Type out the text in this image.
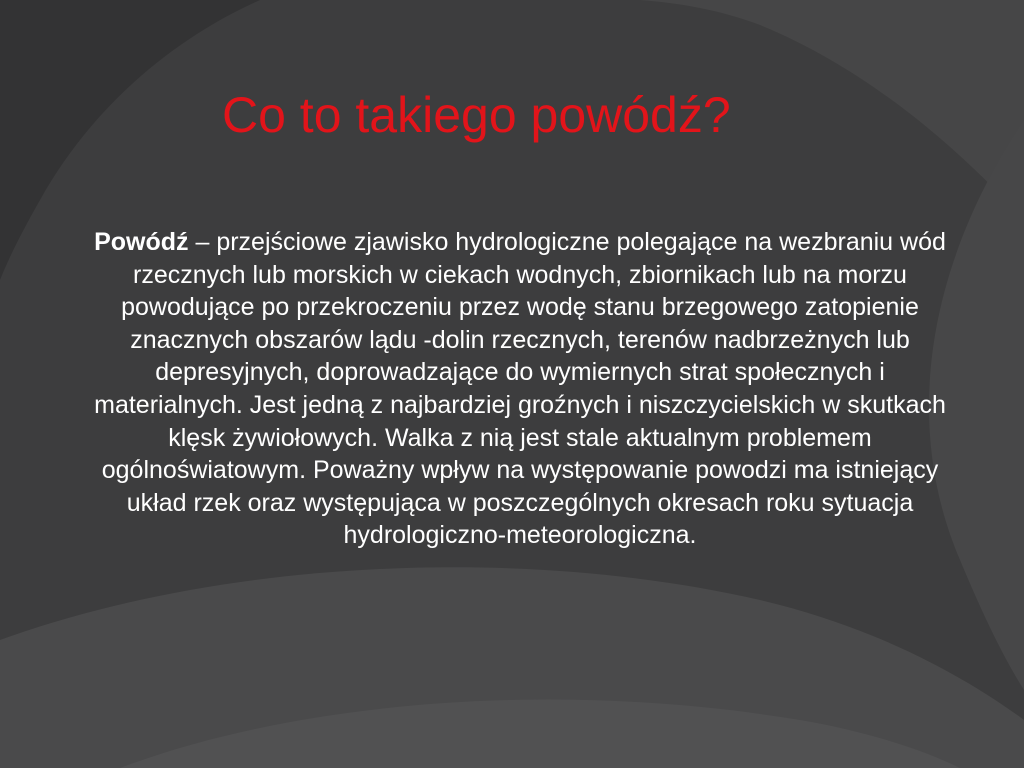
Co to takiego powódź?

Powódź – przejściowe zjawisko hydrologiczne polegające na wezbraniu wód rzecznych lub morskich w ciekach wodnych, zbiornikach lub na morzu powodujące po przekroczeniu przez wodę stanu brzegowego zatopienie znacznych obszarów lądu -dolin rzecznych, terenów nadbrzeżnych lub depresyjnych, doprowadzające do wymiernych strat społecznych i materialnych. Jest jedną z najbardziej groźnych i niszczycielskich w skutkach klęsk żywiołowych. Walka z nią jest stale aktualnym problemem ogólnoświatowym. Poważny wpływ na występowanie powodzi ma istniejący układ rzek oraz występująca w poszczególnych okresach roku sytuacja hydrologiczno-meteorologiczna.
